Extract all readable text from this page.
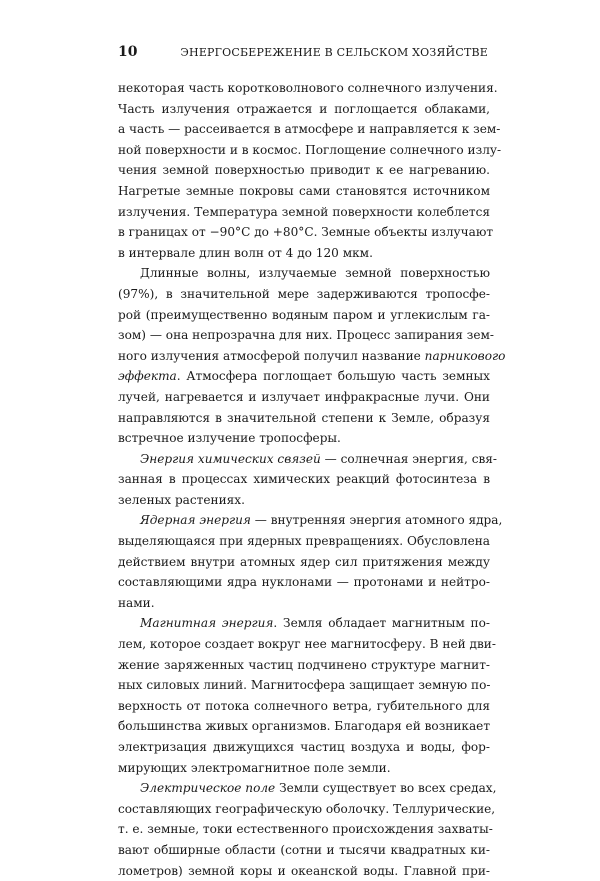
10	ЭНЕРГОСБЕРЕЖЕНИЕ В СЕЛЬСКОМ ХОЗЯЙСТВЕ
некоторая часть коротковолнового солнечного излучения.
Часть излучения отражается и поглощается облаками,
а часть — рассеивается в атмосфере и направляется к зем-
ной поверхности и в космос. Поглощение солнечного излу-
чения земной поверхностью приводит к ее нагреванию.
Нагретые земные покровы сами становятся источником
излучения. Температура земной поверхности колеблется
в границах от −90°С до +80°С. Земные объекты излучают
в интервале длин волн от 4 до 120 мкм.
Длинные волны, излучаемые земной поверхностью
(97%), в значительной мере задерживаются тропосфе-
рой (преимущественно водяным паром и углекислым га-
зом) — она непрозрачна для них. Процесс запирания зем-
ного излучения атмосферой получил название парникового
эффекта. Атмосфера поглощает большую часть земных
лучей, нагревается и излучает инфракрасные лучи. Они
направляются в значительной степени к Земле, образуя
встречное излучение тропосферы.
Энергия химических связей — солнечная энергия, свя-
занная в процессах химических реакций фотосинтеза в
зеленых растениях.
Ядерная энергия — внутренняя энергия атомного ядра,
выделяющаяся при ядерных превращениях. Обусловлена
действием внутри атомных ядер сил притяжения между
составляющими ядра нуклонами — протонами и нейтро-
нами.
Магнитная энергия. Земля обладает магнитным по-
лем, которое создает вокруг нее магнитосферу. В ней дви-
жение заряженных частиц подчинено структуре магнит-
ных силовых линий. Магнитосфера защищает земную по-
верхность от потока солнечного ветра, губительного для
большинства живых организмов. Благодаря ей возникает
электризация движущихся частиц воздуха и воды, фор-
мирующих электромагнитное поле земли.
Электрическое поле Земли существует во всех средах,
составляющих географическую оболочку. Теллурические,
т. е. земные, токи естественного происхождения захваты-
вают обширные области (сотни и тысячи квадратных ки-
лометров) земной коры и океанской воды. Главной при-
